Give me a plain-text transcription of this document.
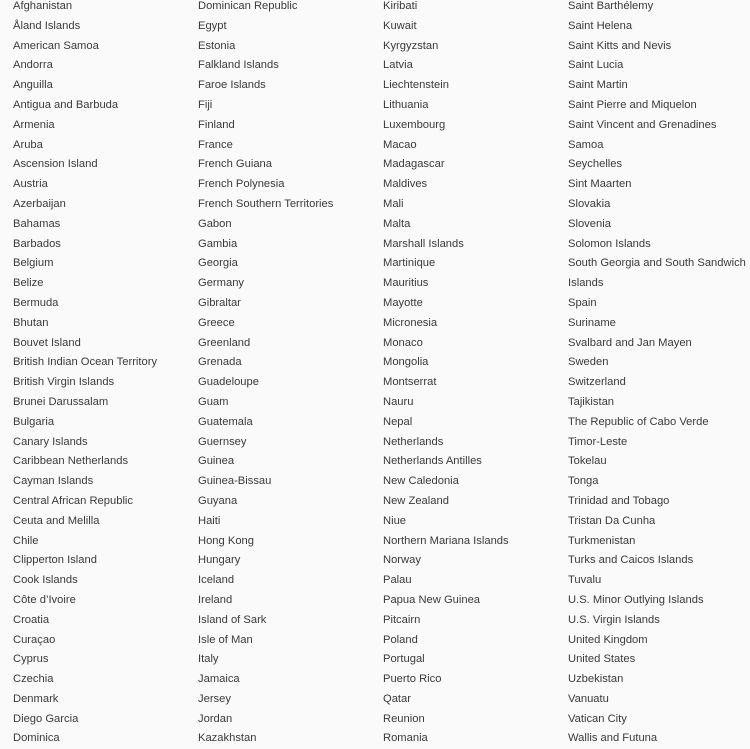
Afghanistan
Åland Islands
American Samoa
Andorra
Anguilla
Antigua and Barbuda
Armenia
Aruba
Ascension Island
Austria
Azerbaijan
Bahamas
Barbados
Belgium
Belize
Bermuda
Bhutan
Bouvet Island
British Indian Ocean Territory
British Virgin Islands
Brunei Darussalam
Bulgaria
Canary Islands
Caribbean Netherlands
Cayman Islands
Central African Republic
Ceuta and Melilla
Chile
Clipperton Island
Cook Islands
Côte d’Ivoire
Croatia
Curaçao
Cyprus
Czechia
Denmark
Diego Garcia
Dominica
Dominican Republic
Egypt
Estonia
Falkland Islands
Faroe Islands
Fiji
Finland
France
French Guiana
French Polynesia
French Southern Territories
Gabon
Gambia
Georgia
Germany
Gibraltar
Greece
Greenland
Grenada
Guadeloupe
Guam
Guatemala
Guernsey
Guinea
Guinea-Bissau
Guyana
Haiti
Hong Kong
Hungary
Iceland
Ireland
Island of Sark
Isle of Man
Italy
Jamaica
Jersey
Jordan
Kazakhstan
Kiribati
Kuwait
Kyrgyzstan
Latvia
Liechtenstein
Lithuania
Luxembourg
Macao
Madagascar
Maldives
Mali
Malta
Marshall Islands
Martinique
Mauritius
Mayotte
Micronesia
Monaco
Mongolia
Montserrat
Nauru
Nepal
Netherlands
Netherlands Antilles
New Caledonia
New Zealand
Niue
Northern Mariana Islands
Norway
Palau
Papua New Guinea
Pitcairn
Poland
Portugal
Puerto Rico
Qatar
Reunion
Romania
Saint Barthélemy
Saint Helena
Saint Kitts and Nevis
Saint Lucia
Saint Martin
Saint Pierre and Miquelon
Saint Vincent and Grenadines
Samoa
Seychelles
Sint Maarten
Slovakia
Slovenia
Solomon Islands
South Georgia and South Sandwich
Islands
Spain
Suriname
Svalbard and Jan Mayen
Sweden
Switzerland
Tajikistan
The Republic of Cabo Verde
Timor-Leste
Tokelau
Tonga
Trinidad and Tobago
Tristan Da Cunha
Turkmenistan
Turks and Caicos Islands
Tuvalu
U.S. Minor Outlying Islands
U.S. Virgin Islands
United Kingdom
United States
Uzbekistan
Vanuatu
Vatican City
Wallis and Futuna
